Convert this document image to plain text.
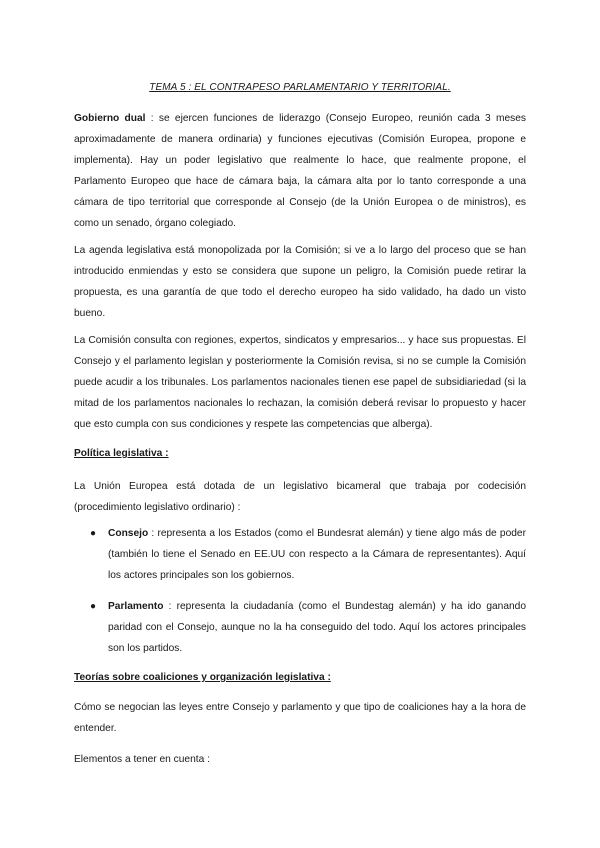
TEMA 5 : EL CONTRAPESO PARLAMENTARIO Y TERRITORIAL.

Gobierno dual : se ejercen funciones de liderazgo (Consejo Europeo, reunión cada 3 meses aproximadamente de manera ordinaria) y funciones ejecutivas (Comisión Europea, propone e implementa). Hay un poder legislativo que realmente lo hace, que realmente propone, el Parlamento Europeo que hace de cámara baja, la cámara alta por lo tanto corresponde a una cámara de tipo territorial que corresponde al Consejo (de la Unión Europea o de ministros), es como un senado, órgano colegiado.

La agenda legislativa está monopolizada por la Comisión; si ve a lo largo del proceso que se han introducido enmiendas y esto se considera que supone un peligro, la Comisión puede retirar la propuesta, es una garantía de que todo el derecho europeo ha sido validado, ha dado un visto bueno.

La Comisión consulta con regiones, expertos, sindicatos y empresarios... y hace sus propuestas. El Consejo y el parlamento legislan y posteriormente la Comisión revisa, si no se cumple la Comisión puede acudir a los tribunales. Los parlamentos nacionales tienen ese papel de subsidiariedad (si la mitad de los parlamentos nacionales lo rechazan, la comisión deberá revisar lo propuesto y hacer que esto cumpla con sus condiciones y respete las competencias que alberga).

Política legislativa :

La Unión Europea está dotada de un legislativo bicameral que trabaja por codecisión (procedimiento legislativo ordinario) :

● Consejo : representa a los Estados (como el Bundesrat alemán) y tiene algo más de poder (también lo tiene el Senado en EE.UU con respecto a la Cámara de representantes). Aquí los actores principales son los gobiernos.

● Parlamento : representa la ciudadanía (como el Bundestag alemán) y ha ido ganando paridad con el Consejo, aunque no la ha conseguido del todo. Aquí los actores principales son los partidos.

Teorías sobre coaliciones y organización legislativa :

Cómo se negocian las leyes entre Consejo y parlamento y que tipo de coaliciones hay a la hora de entender.

Elementos a tener en cuenta :
